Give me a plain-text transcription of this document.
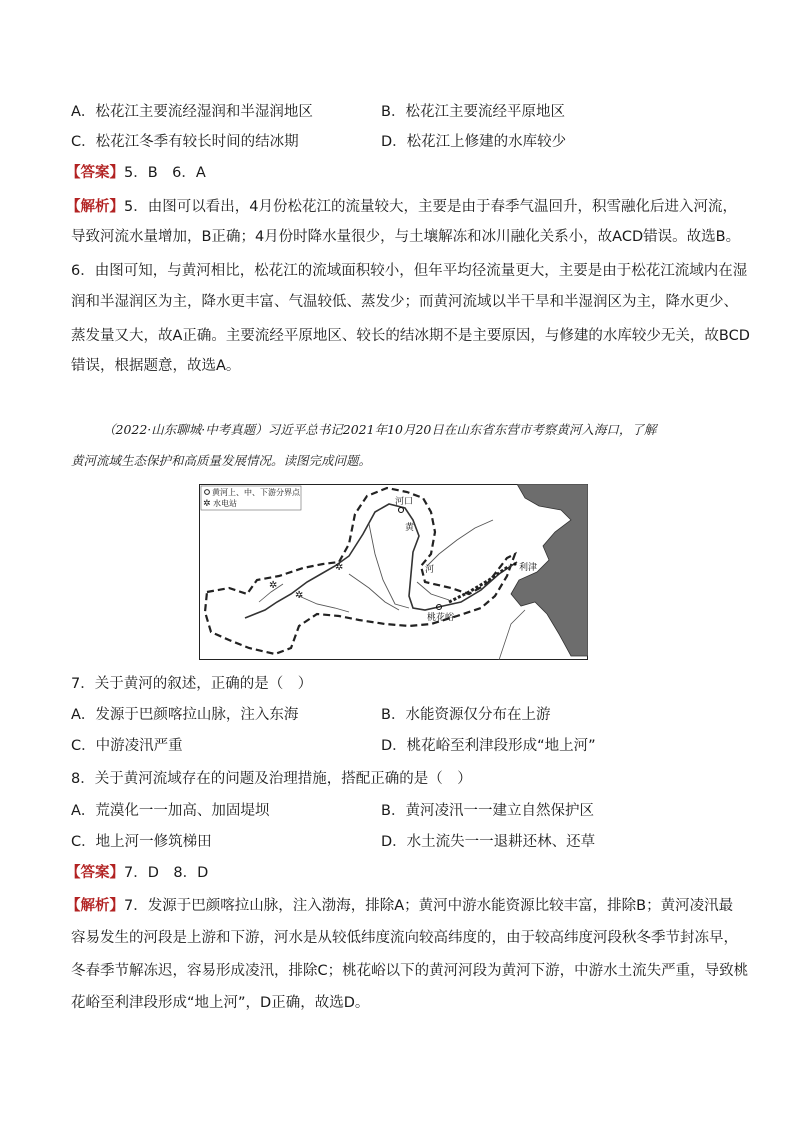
A．松花江主要流经湿润和半湿润地区	B．松花江主要流经平原地区
C．松花江冬季有较长时间的结冰期	D．松花江上修建的水库较少
【答案】5．B　6．A
【解析】5．由图可以看出，4月份松花江的流量较大，主要是由于春季气温回升，积雪融化后进入河流，
导致河流水量增加，B正确；4月份时降水量很少，与土壤解冻和冰川融化关系小，故ACD错误。故选B。
6．由图可知，与黄河相比，松花江的流域面积较小，但年平均径流量更大，主要是由于松花江流域内在湿
润和半湿润区为主，降水更丰富、气温较低、蒸发少；而黄河流域以半干旱和半湿润区为主，降水更少、
蒸发量又大，故A正确。主要流经平原地区、较长的结冰期不是主要原因，与修建的水库较少无关，故BCD
错误，根据题意，故选A。
（2022·山东聊城·中考真题）习近平总书记2021年10月20日在山东省东营市考察黄河入海口，了解
黄河流域生态保护和高质量发展情况。读图完成问题。
黄河上、中、下游分界点
✲ 水电站
✲
✲
✲
河口
黄
河	利津
桃花峪
7．关于黄河的叙述，正确的是（　）
A．发源于巴颜喀拉山脉，注入东海	B．水能资源仅分布在上游
C．中游凌汛严重	D．桃花峪至利津段形成“地上河”
8．关于黄河流域存在的问题及治理措施，搭配正确的是（　）
A．荒漠化一一加高、加固堤坝	B．黄河凌汛一一建立自然保护区
C．地上河一修筑梯田	D．水土流失一一退耕还林、还草
【答案】7．D　8．D
【解析】7．发源于巴颜喀拉山脉，注入渤海，排除A；黄河中游水能资源比较丰富，排除B；黄河凌汛最
容易发生的河段是上游和下游，河水是从较低纬度流向较高纬度的，由于较高纬度河段秋冬季节封冻早，
冬春季节解冻迟，容易形成凌汛，排除C；桃花峪以下的黄河河段为黄河下游，中游水土流失严重，导致桃
花峪至利津段形成“地上河”，D正确，故选D。
